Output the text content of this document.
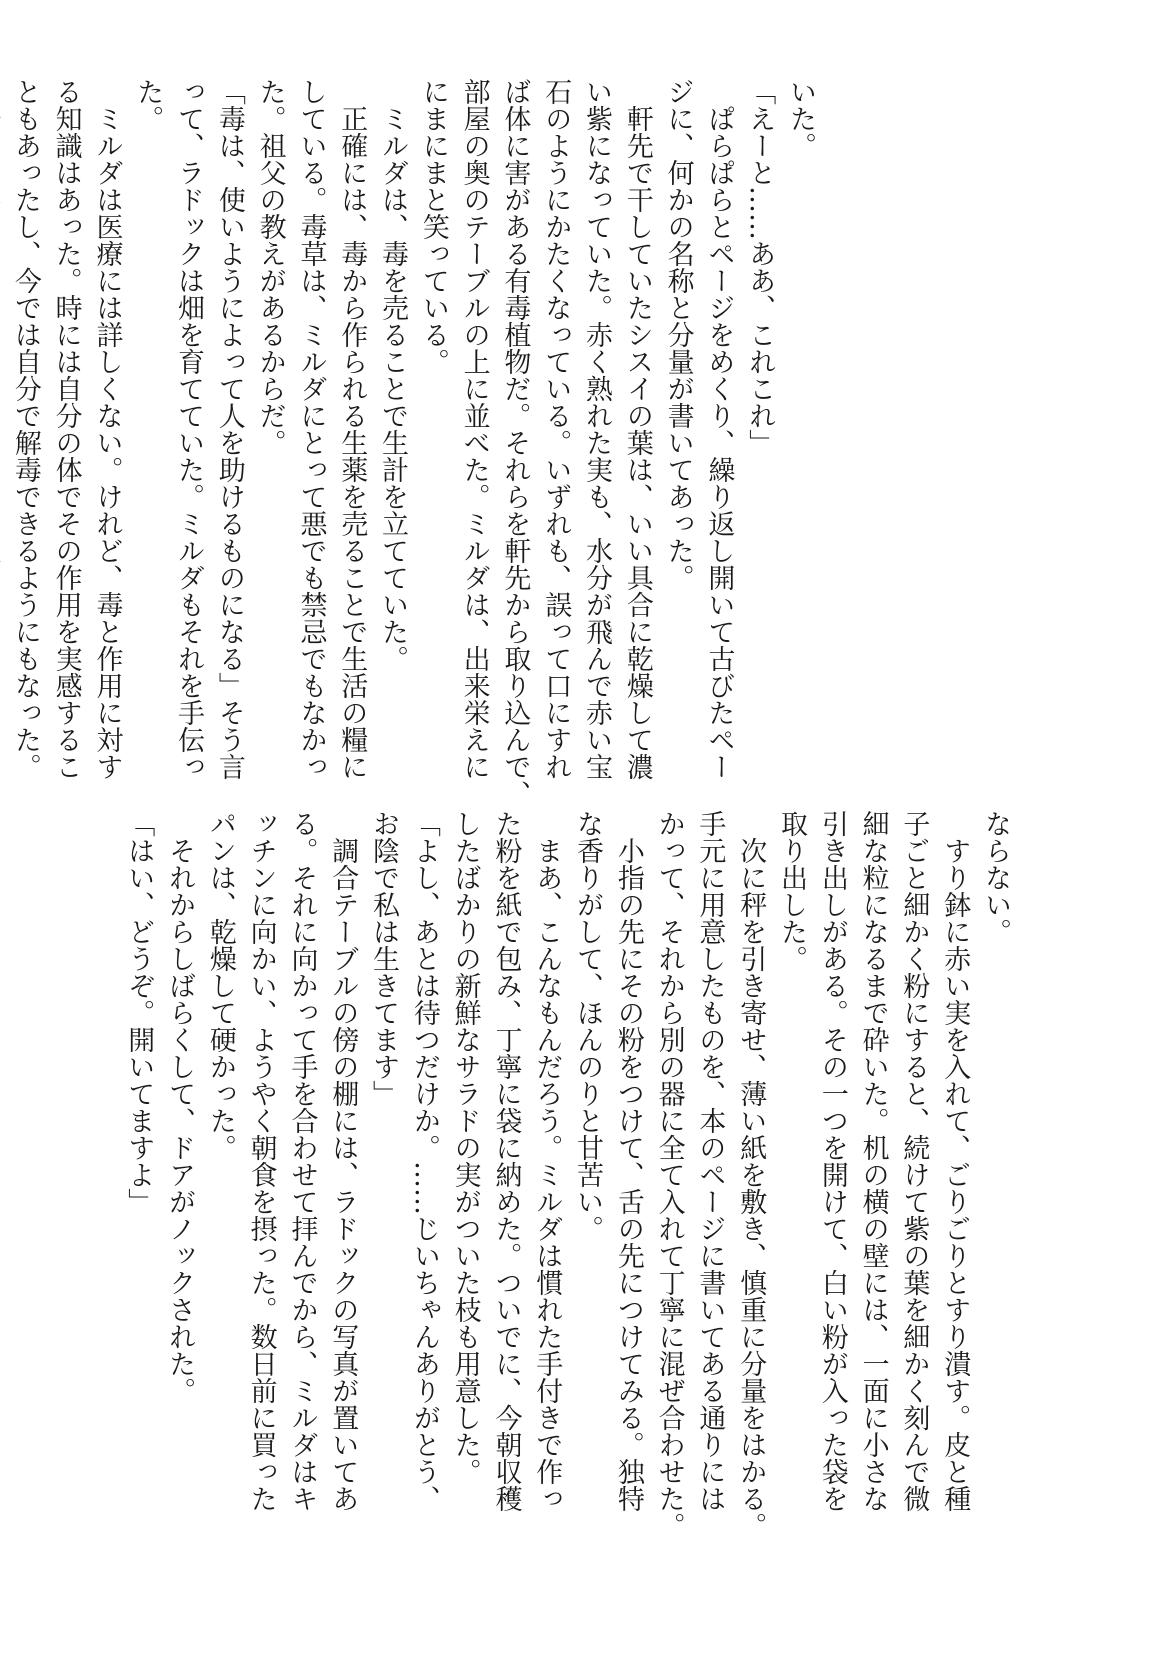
いた。
「えーと……ああ、これこれ」
　ぱらぱらとページをめくり、繰り返し開いて古びたペー
ジに、何かの名称と分量が書いてあった。
　軒先で干していたシスイの葉は、いい具合に乾燥して濃
い紫になっていた。赤く熟れた実も、水分が飛んで赤い宝
石のようにかたくなっている。いずれも、誤って口にすれ
ば体に害がある有毒植物だ。それらを軒先から取り込んで、
部屋の奥のテーブルの上に並べた。ミルダは、出来栄えに
にまにまと笑っている。
　ミルダは、毒を売ることで生計を立てていた。
　正確には、毒から作られる生薬を売ることで生活の糧に
している。毒草は、ミルダにとって悪でも禁忌でもなかっ
た。祖父の教えがあるからだ。
「毒は、使いようによって人を助けるものになる」そう言
って、ラドックは畑を育てていた。ミルダもそれを手伝っ
た。
　ミルダは医療には詳しくない。けれど、毒と作用に対す
る知識はあった。時には自分の体でその作用を実感するこ
ともあったし、今では自分で解毒できるようにもなった。
ならない。
　すり鉢に赤い実を入れて、ごりごりとすり潰す。皮と種
子ごと細かく粉にすると、続けて紫の葉を細かく刻んで微
細な粒になるまで砕いた。机の横の壁には、一面に小さな
引き出しがある。その一つを開けて、白い粉が入った袋を
取り出した。
　次に秤を引き寄せ、薄い紙を敷き、慎重に分量をはかる。
手元に用意したものを、本のページに書いてある通りには
かって、それから別の器に全て入れて丁寧に混ぜ合わせた。
　小指の先にその粉をつけて、舌の先につけてみる。独特
な香りがして、ほんのりと甘苦い。
　まあ、こんなもんだろう。ミルダは慣れた手付きで作っ
た粉を紙で包み、丁寧に袋に納めた。ついでに、今朝収穫
したばかりの新鮮なサラドの実がついた枝も用意した。
「よし、あとは待つだけか。……じいちゃんありがとう、
お陰で私は生きてます」
　調合テーブルの傍の棚には、ラドックの写真が置いてあ
る。それに向かって手を合わせて拝んでから、ミルダはキ
ッチンに向かい、ようやく朝食を摂った。数日前に買った
パンは、乾燥して硬かった。
　それからしばらくして、ドアがノックされた。
「はい、どうぞ。開いてますよ」
